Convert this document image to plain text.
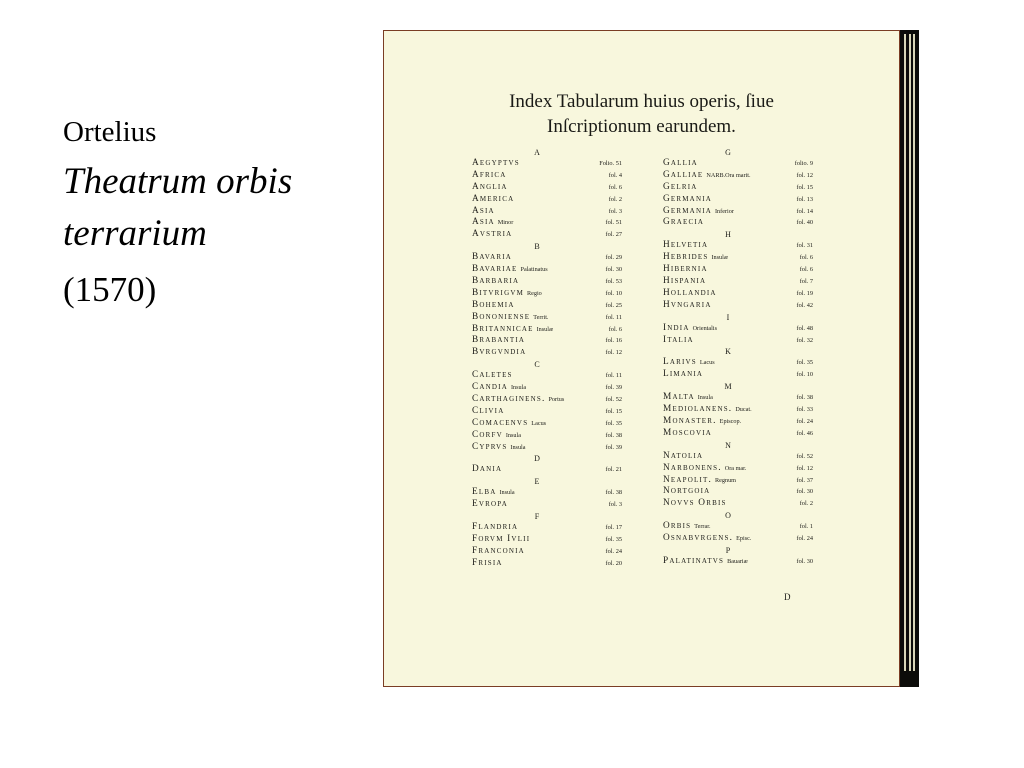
Ortelius

Theatrum orbis

terrarium

(1570)

Index Tabularum huius operis, ſiue
Inſcriptionum earundem.
A
Aegyptvs	Folio. 51
Africa	fol. 4
Anglia	fol. 6
America	fol. 2
Asia	fol. 3
Asia Minor	fol. 51
Avstria	fol. 27
B
Bavaria	fol. 29
Bavariae Palatinatus	fol. 30
Barbaria	fol. 53
Bitvrigvm Regio	fol. 10
Bohemia	fol. 25
Bononiense Territ.	fol. 11
Britannicae Insulæ	fol. 6
Brabantia	fol. 16
Bvrgvndia	fol. 12
C
Caletes	fol. 11
Candia Insula	fol. 39
Carthaginens. Portus	fol. 52
Clivia	fol. 15
Comacenvs Lacus	fol. 35
Corfv Insula	fol. 38
Cyprvs Insula	fol. 39
D
Dania	fol. 21
E
Elba Insula	fol. 38
Evropa	fol. 3
F
Flandria	fol. 17
Forvm Ivlii	fol. 35
Franconia	fol. 24
Frisia	fol. 20
G
Gallia	folio. 9
Galliae NARB.Ora marit.	fol. 12
Gelria	fol. 15
Germania	fol. 13
Germania Inferior	fol. 14
Graecia	fol. 40
H
Helvetia	fol. 31
Hebrides Insulæ	fol. 6
Hibernia	fol. 6
Hispania	fol. 7
Hollandia	fol. 19
Hvngaria	fol. 42
I
India Orientalis	fol. 48
Italia	fol. 32
K
Larivs Lacus	fol. 35
Limania	fol. 10
M
Malta Insula	fol. 38
Mediolanens. Ducat.	fol. 33
Monaster. Episcop.	fol. 24
Moscovia	fol. 46
N
Natolia	fol. 52
Narbonens. Ora mar.	fol. 12
Neapolit. Regnum	fol. 37
Nortgoia	fol. 30
Novvs Orbis	fol. 2
O
Orbis Terrar.	fol. 1
Osnabvrgens. Episc.	fol. 24
P
Palatinatvs Bauariæ	fol. 30
D
